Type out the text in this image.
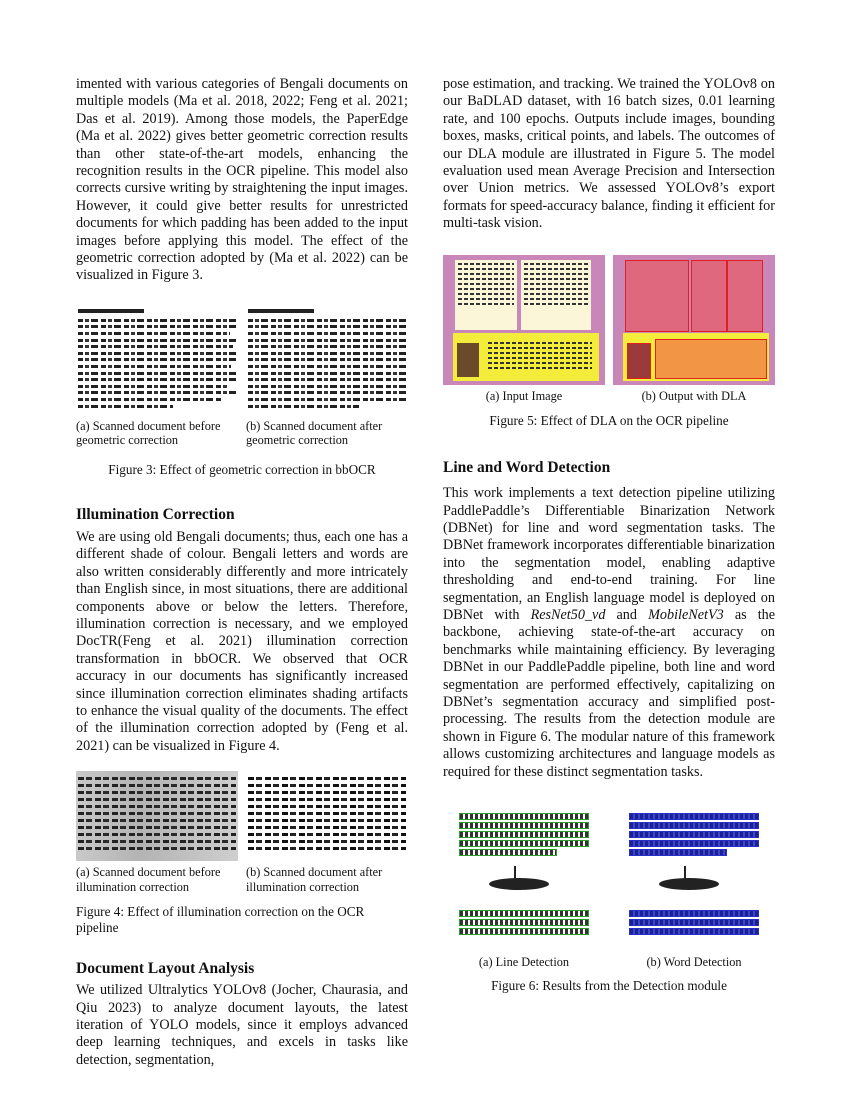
imented with various categories of Bengali documents on multiple models (Ma et al. 2018, 2022; Feng et al. 2021; Das et al. 2019). Among those models, the PaperEdge (Ma et al. 2022) gives better geometric correction results than other state-of-the-art models, enhancing the recognition results in the OCR pipeline. This model also corrects cursive writing by straightening the input images. However, it could give better results for unrestricted documents for which padding has been added to the input images before applying this model. The effect of the geometric correction adopted by (Ma et al. 2022) can be visualized in Figure 3.

(a) Scanned document before geometric correction
(b) Scanned document after geometric correction
Figure 3: Effect of geometric correction in bbOCR
Illumination Correction

We are using old Bengali documents; thus, each one has a different shade of colour. Bengali letters and words are also written considerably differently and more intricately than English since, in most situations, there are additional components above or below the letters. Therefore, illumination correction is necessary, and we employed DocTR(Feng et al. 2021) illumination correction transformation in bbOCR. We observed that OCR accuracy in our documents has significantly increased since illumination correction eliminates shading artifacts to enhance the visual quality of the documents. The effect of the illumination correction adopted by (Feng et al. 2021) can be visualized in Figure 4.

(a) Scanned document before illumination correction
(b) Scanned document after illumination correction
Figure 4: Effect of illumination correction on the OCR pipeline
Document Layout Analysis

We utilized Ultralytics YOLOv8 (Jocher, Chaurasia, and Qiu 2023) to analyze document layouts, the latest iteration of YOLO models, since it employs advanced deep learning techniques, and excels in tasks like detection, segmentation,

pose estimation, and tracking. We trained the YOLOv8 on our BaDLAD dataset, with 16 batch sizes, 0.01 learning rate, and 100 epochs. Outputs include images, bounding boxes, masks, critical points, and labels. The outcomes of our DLA module are illustrated in Figure 5. The model evaluation used mean Average Precision and Intersection over Union metrics. We assessed YOLOv8’s export formats for speed-accuracy balance, finding it efficient for multi-task vision.

(a) Input Image	(b) Output with DLA
Figure 5: Effect of DLA on the OCR pipeline
Line and Word Detection

This work implements a text detection pipeline utilizing PaddlePaddle’s Differentiable Binarization Network (DBNet) for line and word segmentation tasks. The DBNet framework incorporates differentiable binarization into the segmentation model, enabling adaptive thresholding and end-to-end training. For line segmentation, an English language model is deployed on DBNet with ResNet50_vd and MobileNetV3 as the backbone, achieving state-of-the-art accuracy on benchmarks while maintaining efficiency. By leveraging DBNet in our PaddlePaddle pipeline, both line and word segmentation are performed effectively, capitalizing on DBNet’s segmentation accuracy and simplified post-processing. The results from the detection module are shown in Figure 6. The modular nature of this framework allows customizing architectures and language models as required for these distinct segmentation tasks.

(a) Line Detection	(b) Word Detection
Figure 6: Results from the Detection module
